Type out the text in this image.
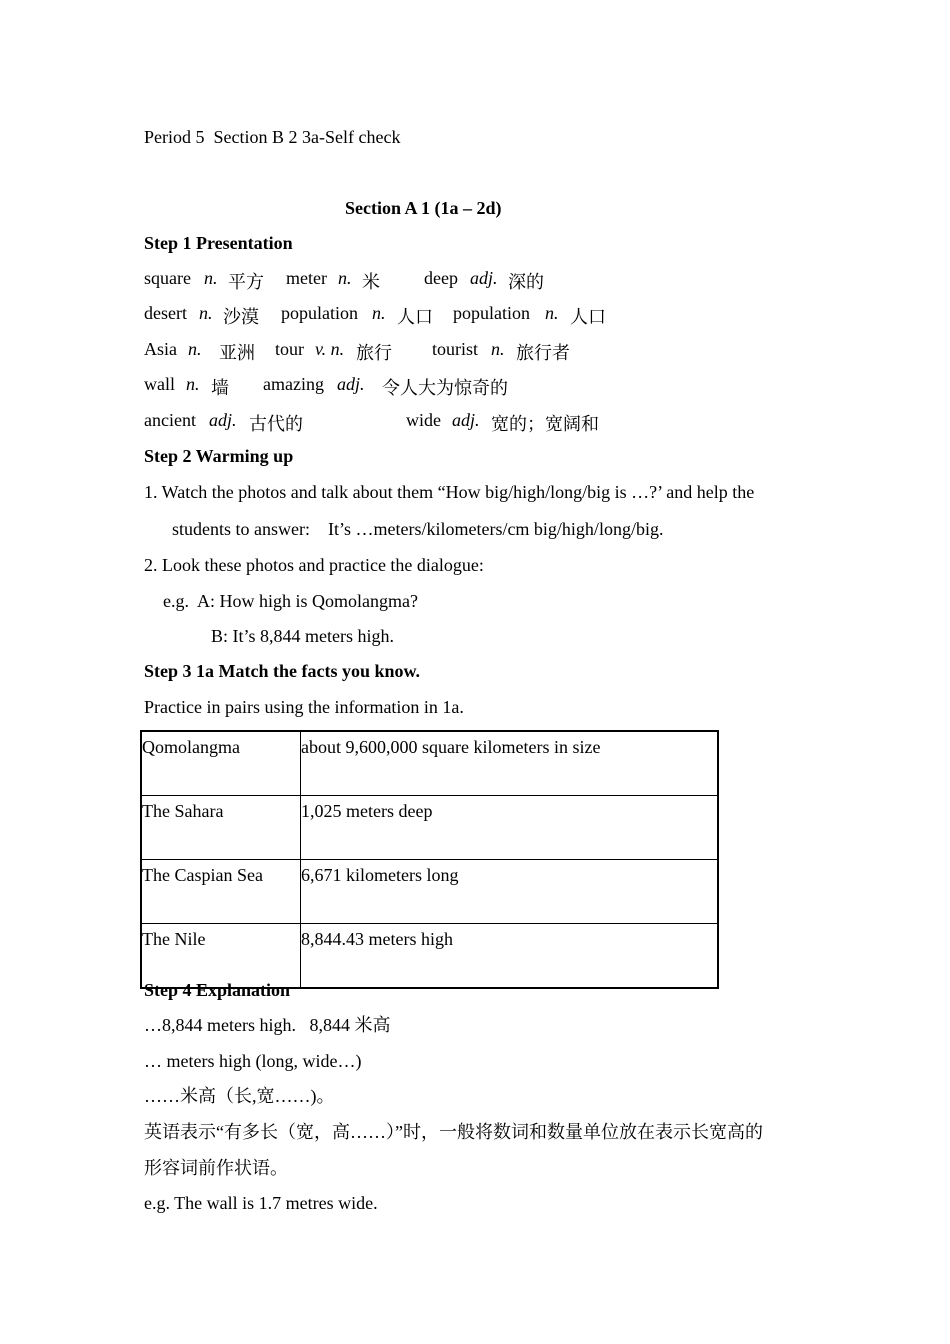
Period 5  Section B 2 3a-Self check
Section A 1 (1a – 2d)
Step 1 Presentation
square n. 平方 meter n. 米 deep adj. 深的
desert n. 沙漠 population n. 人口 population n. 人口
Asia n. 亚洲 tour v. n. 旅行 tourist n. 旅行者
wall n. 墙 amazing adj. 令人大为惊奇的
ancient adj. 古代的	wide adj. 宽的；宽阔和
Step 2 Warming up
1. Watch the photos and talk about them “How big/high/long/big is …?’ and help the
students to answer:    It’s …meters/kilometers/cm big/high/long/big.
2. Look these photos and practice the dialogue:
e.g.  A: How high is Qomolangma?
B: It’s 8,844 meters high.
Step 3 1a Match the facts you know.
Practice in pairs using the information in 1a.
Qomolangma	about 9,600,000 square kilometers in size
The Sahara	1,025 meters deep
The Caspian Sea	6,671 kilometers long
The Nile	8,844.43 meters high
Step 4 Explanation
…8,844 meters high.   8,844 米高
… meters high (long, wide…)
……米高（长,宽……)。
英语表示“有多长（宽，高……）”时，一般将数词和数量单位放在表示长宽高的
形容词前作状语。
e.g. The wall is 1.7 metres wide.
